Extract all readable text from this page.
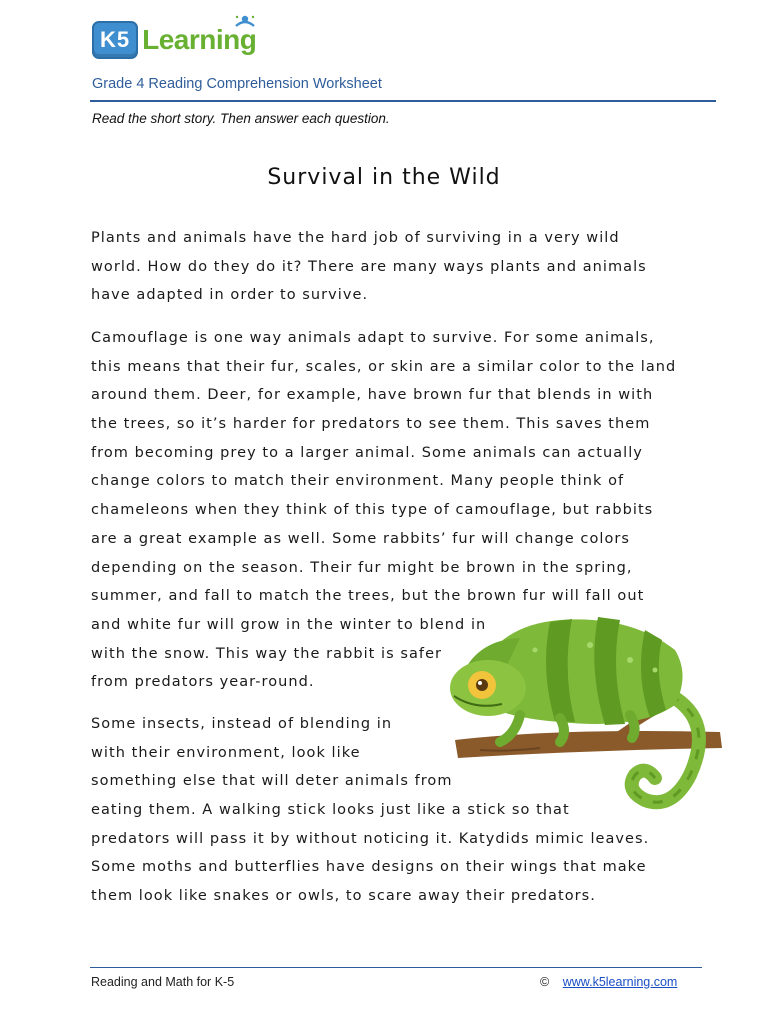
K5 Learning
Grade 4 Reading Comprehension Worksheet
Read the short story. Then answer each question.
Survival in the Wild
Plants and animals have the hard job of surviving in a very wild
world. How do they do it? There are many ways plants and animals
have adapted in order to survive.
Camouflage is one way animals adapt to survive. For some animals,
this means that their fur, scales, or skin are a similar color to the land
around them. Deer, for example, have brown fur that blends in with
the trees, so it’s harder for predators to see them. This saves them
from becoming prey to a larger animal. Some animals can actually
change colors to match their environment. Many people think of
chameleons when they think of this type of camouflage, but rabbits
are a great example as well. Some rabbits’ fur will change colors
depending on the season. Their fur might be brown in the spring,
summer, and fall to match the trees, but the brown fur will fall out
and white fur will grow in the winter to blend in
with the snow. This way the rabbit is safer
from predators year-round.
Some insects, instead of blending in
with their environment, look like
something else that will deter animals from
eating them. A walking stick looks just like a stick so that
predators will pass it by without noticing it. Katydids mimic leaves.
Some moths and butterflies have designs on their wings that make
them look like snakes or owls, to scare away their predators.
Reading and Math for K-5	© www.k5learning.com
